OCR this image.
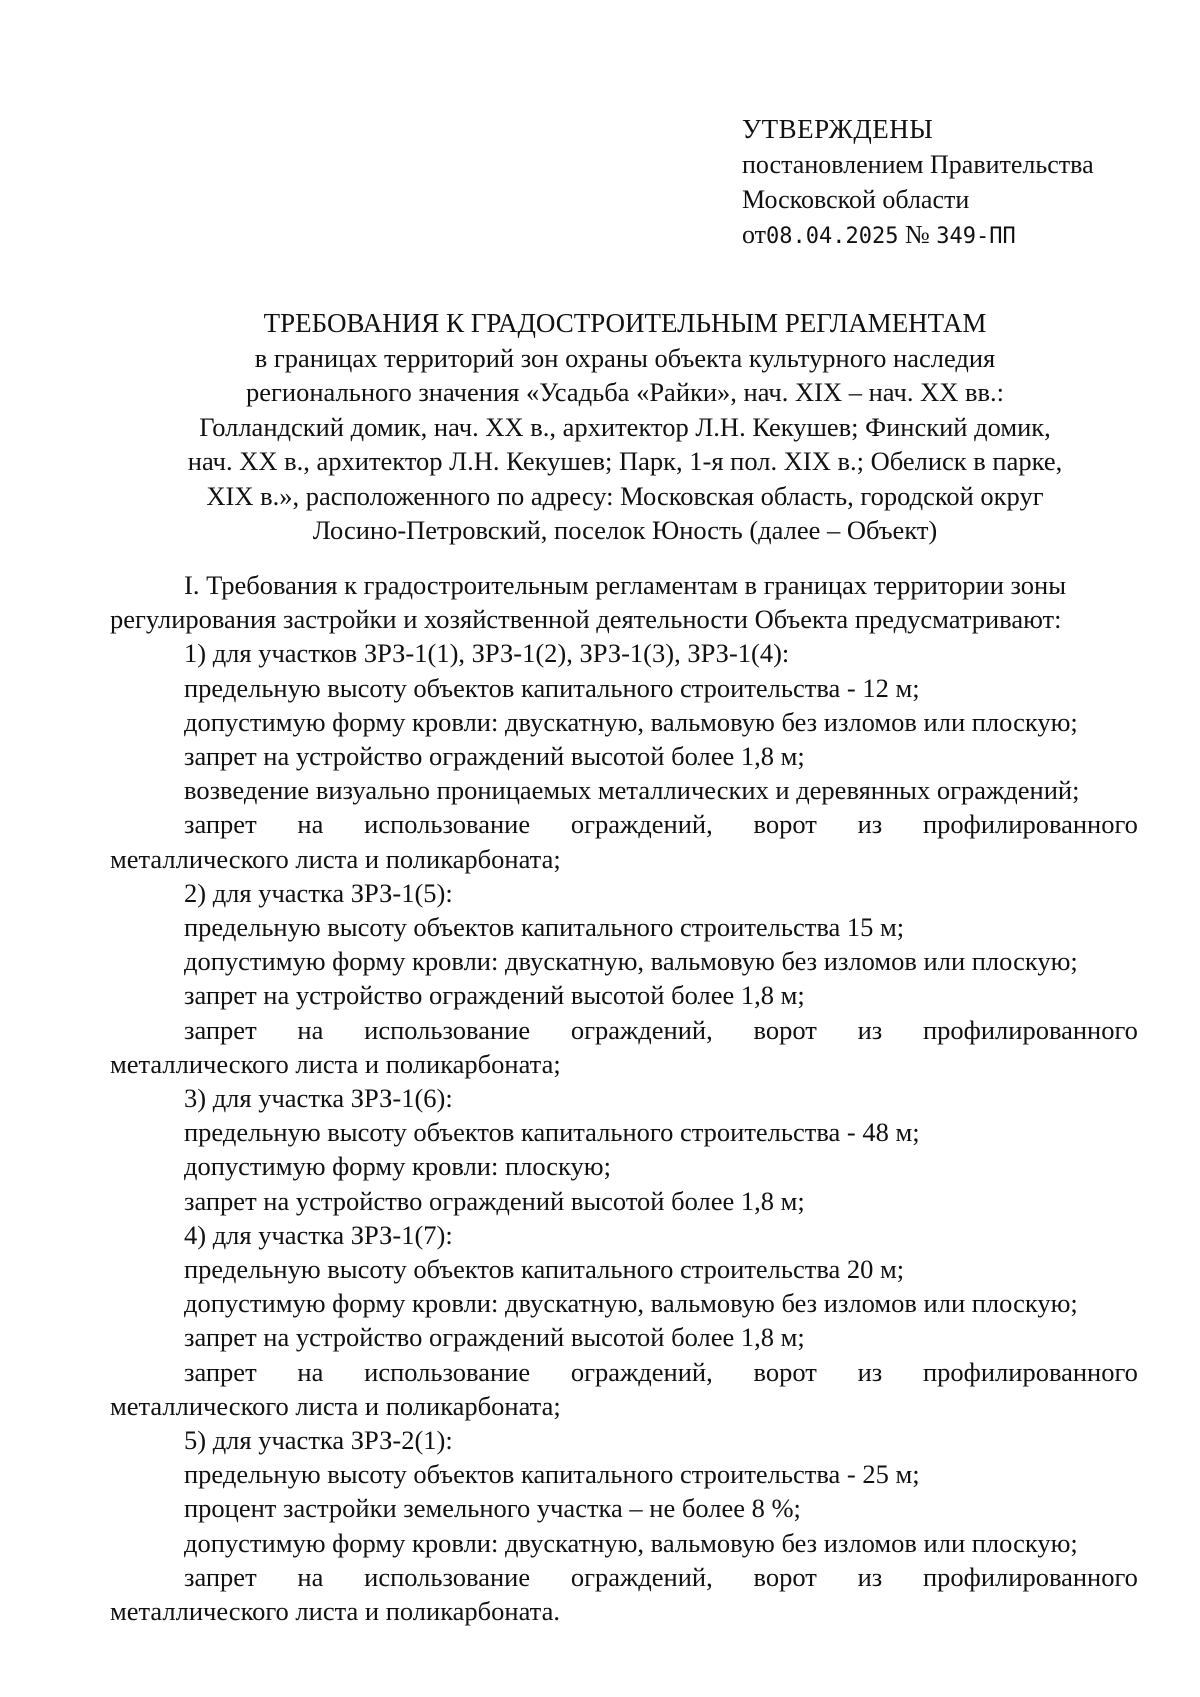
УТВЕРЖДЕНЫ
постановлением Правительства
Московской области
от08.04.2025 № 349-ПП
ТРЕБОВАНИЯ К ГРАДОСТРОИТЕЛЬНЫМ РЕГЛАМЕНТАМ
в границах территорий зон охраны объекта культурного наследия
регионального значения «Усадьба «Райки», нач. XIX – нач. XX вв.:
Голландский домик, нач. XX в., архитектор Л.Н. Кекушев; Финский домик,
нач. XX в., архитектор Л.Н. Кекушев; Парк, 1-я пол. XIX в.; Обелиск в парке,
XIX в.», расположенного по адресу: Московская область, городской округ
Лосино-Петровский, поселок Юность (далее – Объект)
I. Требования к градостроительным регламентам в границах территории зоны
регулирования застройки и хозяйственной деятельности Объекта предусматривают:
1) для участков ЗРЗ-1(1), ЗРЗ-1(2), ЗРЗ-1(3), ЗРЗ-1(4):
предельную высоту объектов капитального строительства - 12 м;
допустимую форму кровли: двускатную, вальмовую без изломов или плоскую;
запрет на устройство ограждений высотой более 1,8 м;
возведение визуально проницаемых металлических и деревянных ограждений;
запрет на использование ограждений, ворот из профилированного
металлического листа и поликарбоната;
2) для участка ЗРЗ-1(5):
предельную высоту объектов капитального строительства 15 м;
допустимую форму кровли: двускатную, вальмовую без изломов или плоскую;
запрет на устройство ограждений высотой более 1,8 м;
запрет на использование ограждений, ворот из профилированного
металлического листа и поликарбоната;
3) для участка ЗРЗ-1(6):
предельную высоту объектов капитального строительства - 48 м;
допустимую форму кровли: плоскую;
запрет на устройство ограждений высотой более 1,8 м;
4) для участка ЗРЗ-1(7):
предельную высоту объектов капитального строительства 20 м;
допустимую форму кровли: двускатную, вальмовую без изломов или плоскую;
запрет на устройство ограждений высотой более 1,8 м;
запрет на использование ограждений, ворот из профилированного
металлического листа и поликарбоната;
5) для участка ЗРЗ-2(1):
предельную высоту объектов капитального строительства - 25 м;
процент застройки земельного участка – не более 8 %;
допустимую форму кровли: двускатную, вальмовую без изломов или плоскую;
запрет на использование ограждений, ворот из профилированного
металлического листа и поликарбоната.
